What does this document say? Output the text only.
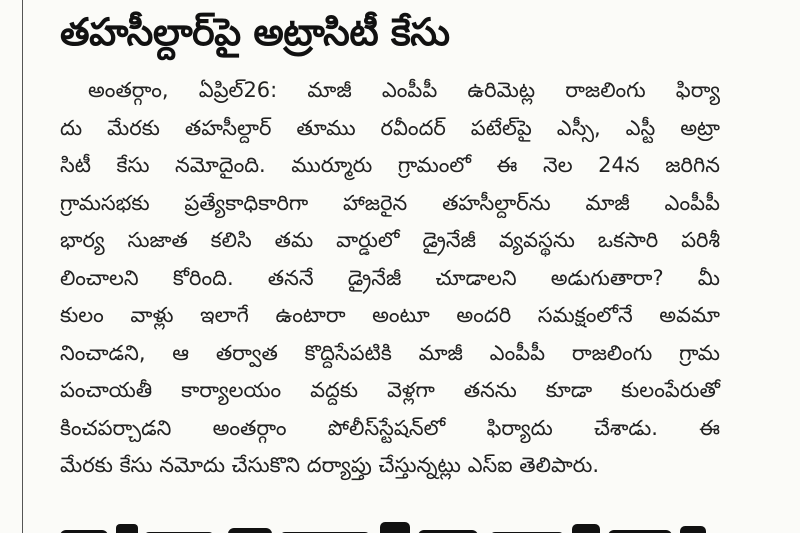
తహసీల్దార్‌పై అట్రాసిటీ కేసు
అంతర్గాం, ఏప్రిల్‌26: మాజీ ఎంపీపీ ఉరిమెట్ల రాజలింగు ఫిర్యా
దు మేరకు తహసీల్దార్ తూము రవీందర్ పటేల్‌పై ఎస్సీ, ఎస్టీ అట్రా
సిటీ కేసు నమోదైంది. ముర్మూరు గ్రామంలో ఈ నెల 24న జరిగిన
గ్రామసభకు ప్రత్యేకాధికారిగా హాజరైన తహసీల్దార్‌ను మాజీ ఎంపీపీ
భార్య సుజాత కలిసి తమ వార్డులో డ్రైనేజీ వ్యవస్థను ఒకసారి పరిశీ
లించాలని కోరింది. తననే డ్రైనేజీ చూడాలని అడుగుతారా? మీ
కులం వాళ్లు ఇలాగే ఉంటారా అంటూ అందరి సమక్షంలోనే అవమా
నించాడని, ఆ తర్వాత కొద్దిసేపటికి మాజీ ఎంపీపీ రాజలింగు గ్రామ
పంచాయతీ కార్యాలయం వద్దకు వెళ్లగా తనను కూడా కులంపేరుతో
కించపర్చాడని అంతర్గాం పోలీస్‌స్టేషన్‌లో ఫిర్యాదు చేశాడు. ఈ
మేరకు కేసు నమోదు చేసుకొని దర్యాప్తు చేస్తున్నట్లు ఎస్ఐ తెలిపారు.
